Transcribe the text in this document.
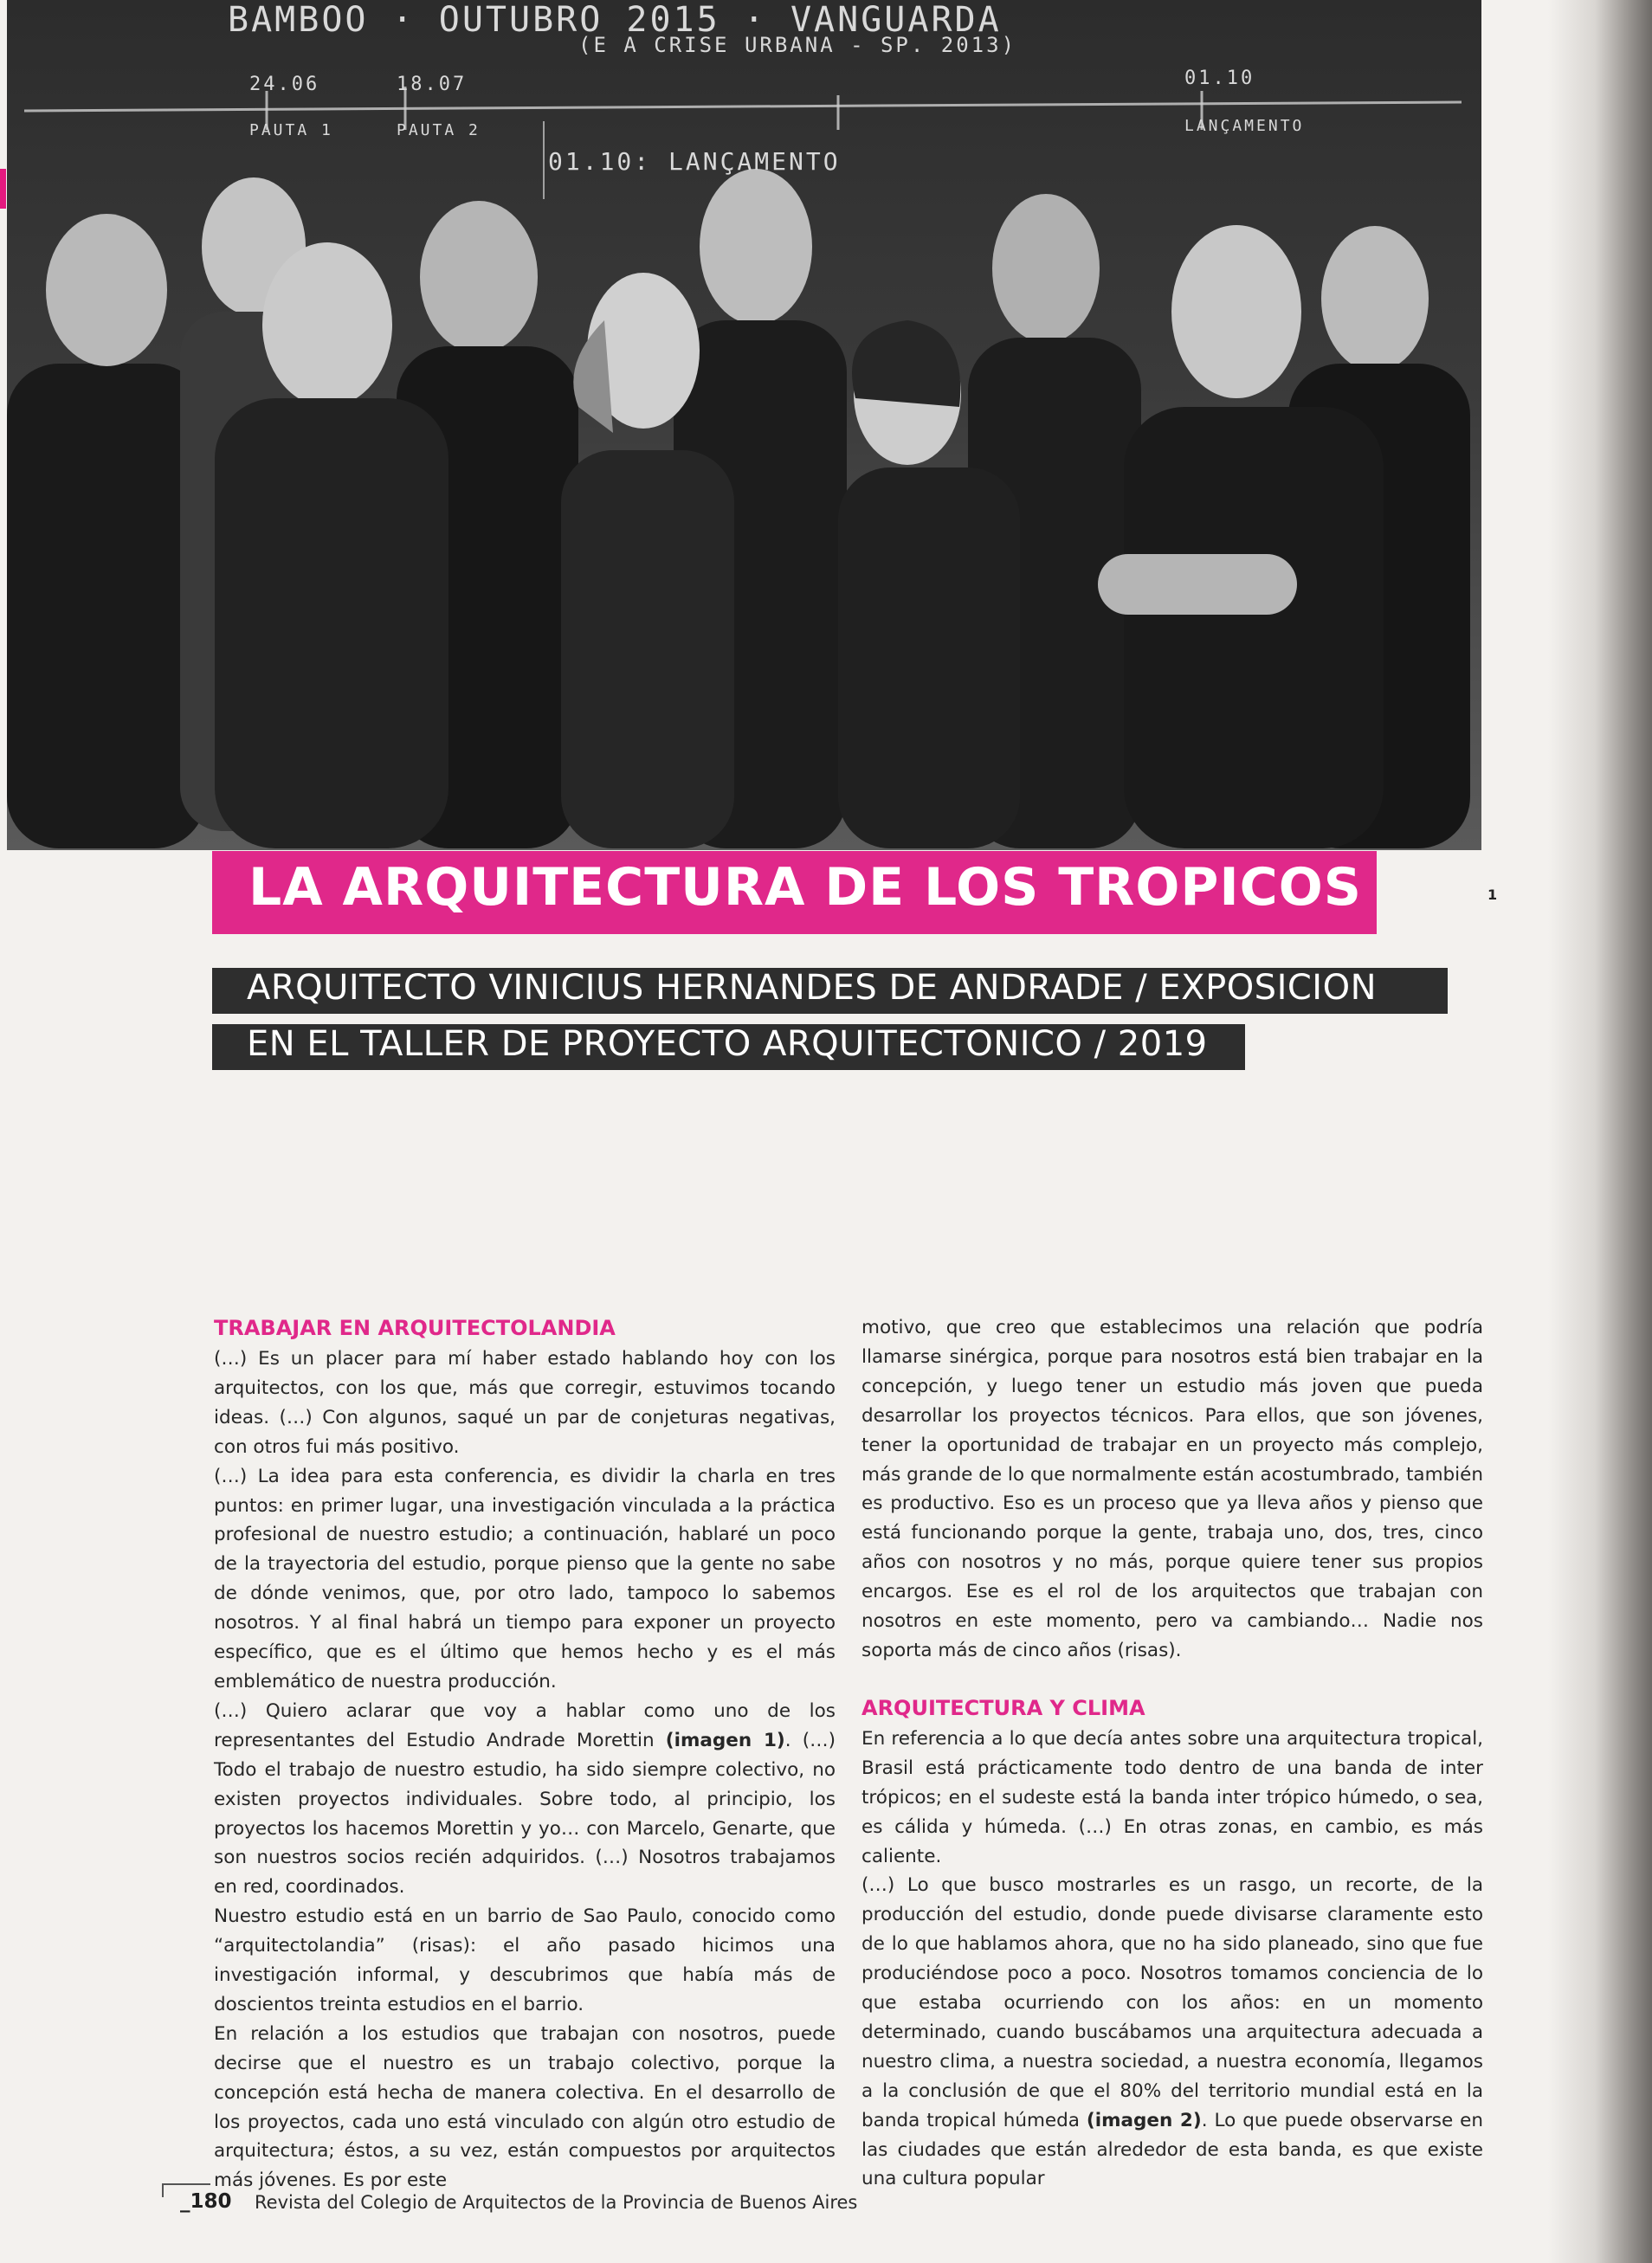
BAMBOO · OUTUBRO 2015 · VANGUARDA
(E A CRISE URBANA - SP. 2013)
24.06
PAUTA 1
18.07
PAUTA 2
01.10
LANÇAMENTO
01.10: LANÇAMENTO
LA ARQUITECTURA DE LOS TROPICOS	1
ARQUITECTO VINICIUS HERNANDES DE ANDRADE / EXPOSICION
EN EL TALLER DE PROYECTO ARQUITECTONICO / 2019
TRABAJAR EN ARQUITECTOLANDIA

(…) Es un placer para mí haber estado hablando hoy con los arquitectos, con los que, más que corregir, estuvimos tocando ideas. (…) Con algunos, saqué un par de conjeturas negativas, con otros fui más positivo.

(…) La idea para esta conferencia, es dividir la charla en tres puntos: en primer lugar, una investigación vinculada a la práctica profesional de nuestro estudio; a continuación, hablaré un poco de la trayectoria del estudio, porque pienso que la gente no sabe de dónde venimos, que, por otro lado, tampoco lo sabemos nosotros. Y al final habrá un tiempo para exponer un proyecto específico, que es el último que hemos hecho y es el más emblemático de nuestra producción.

(…) Quiero aclarar que voy a hablar como uno de los representantes del Estudio Andrade Morettin (imagen 1). (…) Todo el trabajo de nuestro estudio, ha sido siempre colectivo, no existen proyectos individuales. Sobre todo, al principio, los proyectos los hacemos Morettin y yo… con Marcelo, Genarte, que son nuestros socios recién adquiridos. (…) Nosotros trabajamos en red, coordinados.

Nuestro estudio está en un barrio de Sao Paulo, conocido como “arquitectolandia” (risas): el año pasado hicimos una investigación informal, y descubrimos que había más de doscientos treinta estudios en el barrio.

En relación a los estudios que trabajan con nosotros, puede decirse que el nuestro es un trabajo colectivo, porque la concepción está hecha de manera colectiva. En el desarrollo de los proyectos, cada uno está vinculado con algún otro estudio de arquitectura; éstos, a su vez, están compuestos por arquitectos más jóvenes. Es por este

motivo, que creo que establecimos una relación que podría llamarse sinérgica, porque para nosotros está bien trabajar en la concepción, y luego tener un estudio más joven que pueda desarrollar los proyectos técnicos. Para ellos, que son jóvenes, tener la oportunidad de trabajar en un proyecto más complejo, más grande de lo que normalmente están acostumbrado, también es productivo. Eso es un proceso que ya lleva años y pienso que está funcionando porque la gente, trabaja uno, dos, tres, cinco años con nosotros y no más, porque quiere tener sus propios encargos. Ese es el rol de los arquitectos que trabajan con nosotros en este momento, pero va cambiando… Nadie nos soporta más de cinco años (risas).

ARQUITECTURA Y CLIMA

En referencia a lo que decía antes sobre una arquitectura tropical, Brasil está prácticamente todo dentro de una banda de inter trópicos; en el sudeste está la banda inter trópico húmedo, o sea, es cálida y húmeda. (…) En otras zonas, en cambio, es más caliente.

(…) Lo que busco mostrarles es un rasgo, un recorte, de la producción del estudio, donde puede divisarse claramente esto de lo que hablamos ahora, que no ha sido planeado, sino que fue produciéndose poco a poco. Nosotros tomamos conciencia de lo que estaba ocurriendo con los años: en un momento determinado, cuando buscábamos una arquitectura adecuada a nuestro clima, a nuestra sociedad, a nuestra economía, llegamos a la conclusión de que el 80% del territorio mundial está en la banda tropical húmeda (imagen 2). Lo que puede observarse en las ciudades que están alrededor de esta banda, es que existe una cultura popular

_180 Revista del Colegio de Arquitectos de la Provincia de Buenos Aires
